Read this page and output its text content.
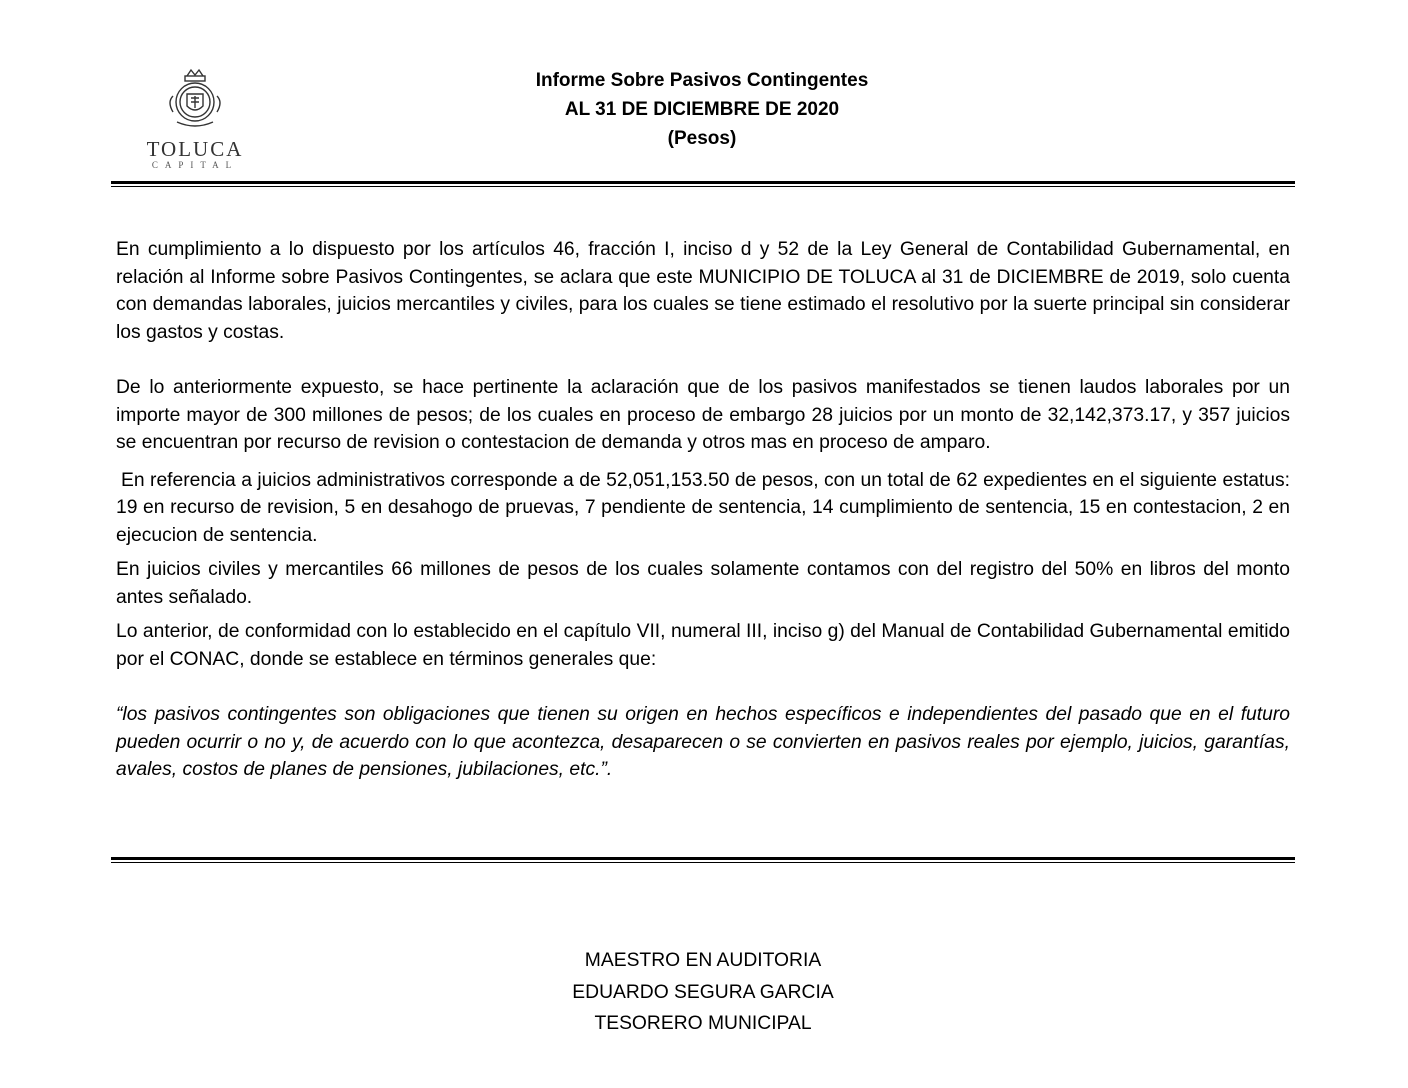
TOLUCA
CAPITAL
Informe Sobre Pasivos Contingentes
AL 31 DE DICIEMBRE DE 2020
(Pesos)

En cumplimiento a lo dispuesto por los artículos 46, fracción I, inciso d y 52 de la Ley General de Contabilidad Gubernamental, en relación al Informe sobre Pasivos Contingentes, se aclara que este MUNICIPIO DE TOLUCA al 31 de DICIEMBRE de 2019, solo cuenta con demandas laborales, juicios mercantiles y civiles, para los cuales se tiene estimado el resolutivo por la suerte principal sin considerar los gastos y costas.

De lo anteriormente expuesto, se hace pertinente la aclaración que de los pasivos manifestados se tienen laudos laborales por un importe mayor de 300 millones de pesos; de los cuales en proceso de embargo 28 juicios por un monto de 32,142,373.17, y 357 juicios se encuentran por recurso de revision o contestacion de demanda y otros mas en proceso de amparo.

En referencia a juicios administrativos corresponde a de 52,051,153.50 de pesos, con un total de 62 expedientes en el siguiente estatus: 19 en recurso de revision, 5 en desahogo de pruevas, 7 pendiente de sentencia, 14 cumplimiento de sentencia, 15 en contestacion, 2 en ejecucion de sentencia.

En juicios civiles y mercantiles 66 millones de pesos de los cuales solamente contamos con del registro del 50% en libros del monto antes señalado.

Lo anterior, de conformidad con lo establecido en el capítulo VII, numeral III, inciso g) del Manual de Contabilidad Gubernamental emitido por el CONAC, donde se establece en términos generales que:

“los pasivos contingentes son obligaciones que tienen su origen en hechos específicos e independientes del pasado que en el futuro pueden ocurrir o no y, de acuerdo con lo que acontezca, desaparecen o se convierten en pasivos reales por ejemplo, juicios, garantías, avales, costos de planes de pensiones, jubilaciones, etc.”.

MAESTRO EN AUDITORIA
EDUARDO SEGURA GARCIA
TESORERO MUNICIPAL
